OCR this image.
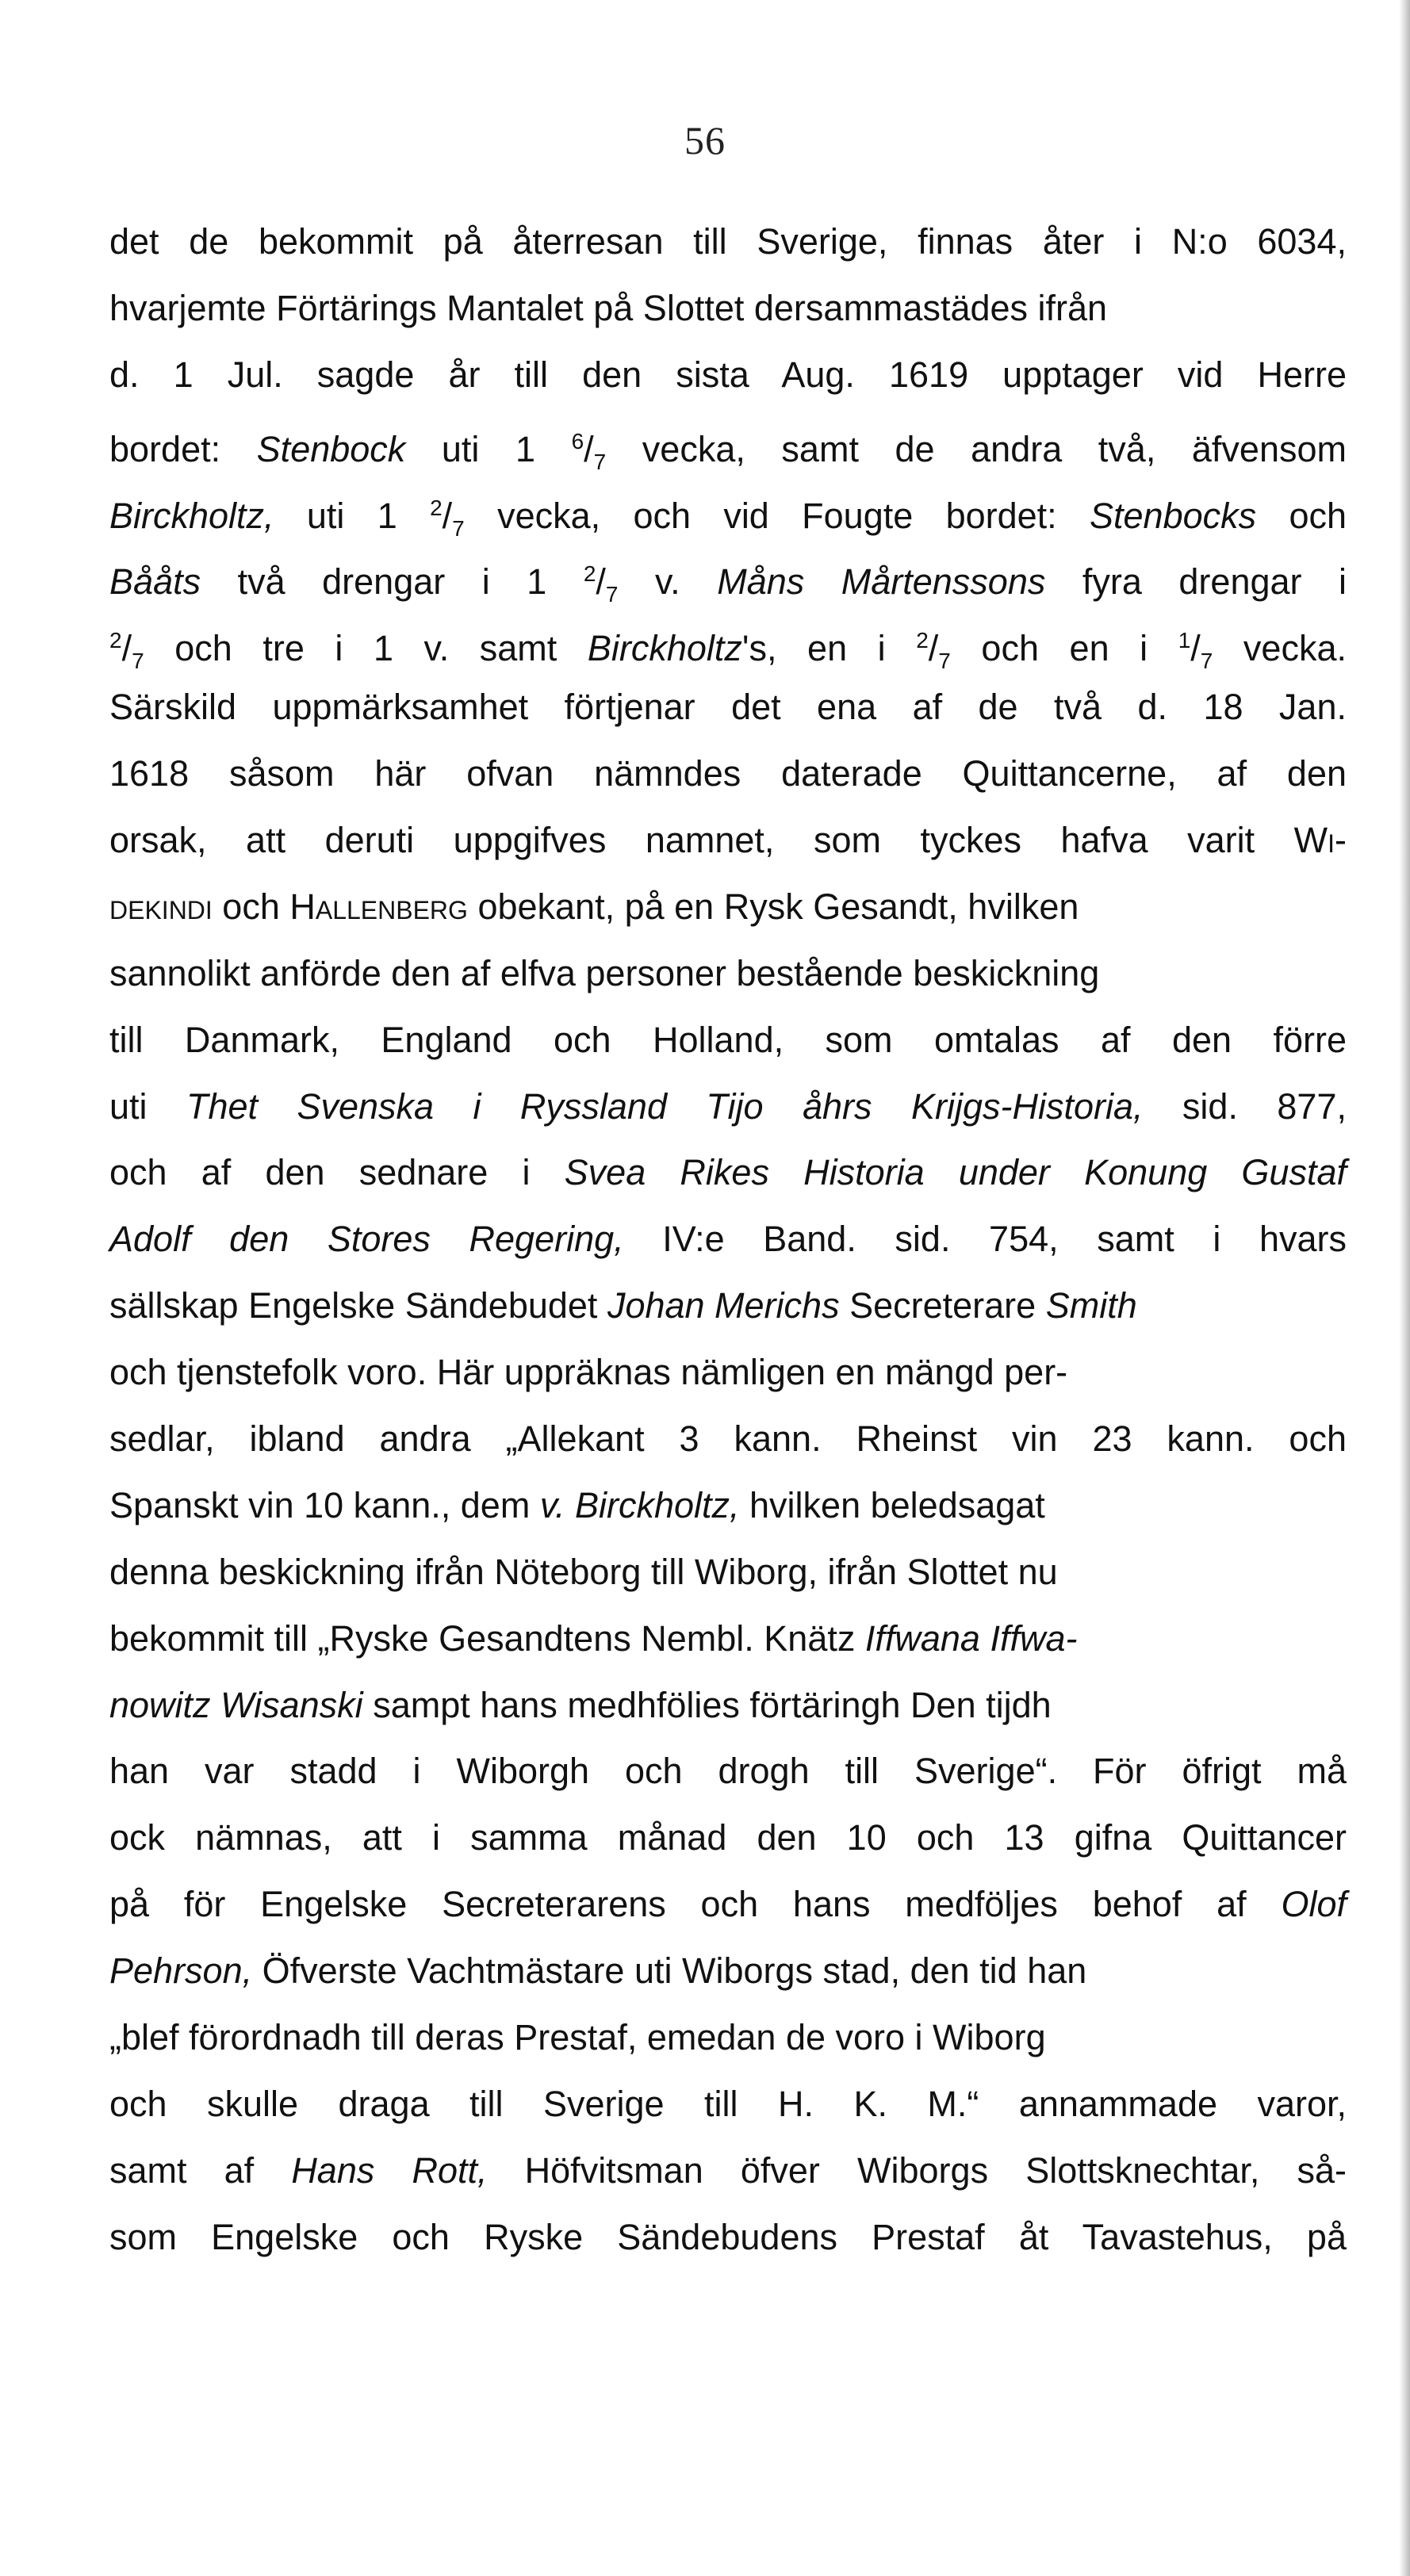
56
det de bekommit på återresan till Sverige, finnas åter i N:o 6034,
hvarjemte Förtärings Mantalet på Slottet dersammastädes ifrån
d. 1 Jul. sagde år till den sista Aug. 1619 upptager vid Herre
bordet: Stenbock uti 1 $^6/_7$ vecka, samt de andra två, äfvensom
Birckholtz, uti 1 $^2/_7$ vecka, och vid Fougte bordet: Stenbocks och
Bååts två drengar i 1 $^2/_7$ v. Måns Mårtenssons fyra drengar i
$^2/_7$ och tre i 1 v. samt Birckholtz's, en i $^2/_7$ och en i $^1/_7$ vecka.
Särskild uppmärksamhet förtjenar det ena af de två d. 18 Jan.
1618 såsom här ofvan nämndes daterade Quittancerne, af den
orsak, att deruti uppgifves namnet, som tyckes hafva varit Wi-
dekindi och Hallenberg obekant, på en Rysk Gesandt, hvilken
sannolikt anförde den af elfva personer bestående beskickning
till Danmark, England och Holland, som omtalas af den förre
uti Thet Svenska i Ryssland Tijo åhrs Krijgs-Historia, sid. 877,
och af den sednare i Svea Rikes Historia under Konung Gustaf
Adolf den Stores Regering, IV:e Band. sid. 754, samt i hvars
sällskap Engelske Sändebudet Johan Merichs Secreterare Smith
och tjenstefolk voro. Här uppräknas nämligen en mängd per-
sedlar, ibland andra „Allekant 3 kann. Rheinst vin 23 kann. och
Spanskt vin 10 kann., dem v. Birckholtz, hvilken beledsagat
denna beskickning ifrån Nöteborg till Wiborg, ifrån Slottet nu
bekommit till „Ryske Gesandtens Nembl. Knätz Iffwana Iffwa-
nowitz Wisanski sampt hans medhfölies förtäringh Den tijdh
han var stadd i Wiborgh och drogh till Sverige“. För öfrigt må
ock nämnas, att i samma månad den 10 och 13 gifna Quittancer
på för Engelske Secreterarens och hans medföljes behof af Olof
Pehrson, Öfverste Vachtmästare uti Wiborgs stad, den tid han
„blef förordnadh till deras Prestaf, emedan de voro i Wiborg
och skulle draga till Sverige till H. K. M.“ annammade varor,
samt af Hans Rott, Höfvitsman öfver Wiborgs Slottsknechtar, så-
som Engelske och Ryske Sändebudens Prestaf åt Tavastehus, på
